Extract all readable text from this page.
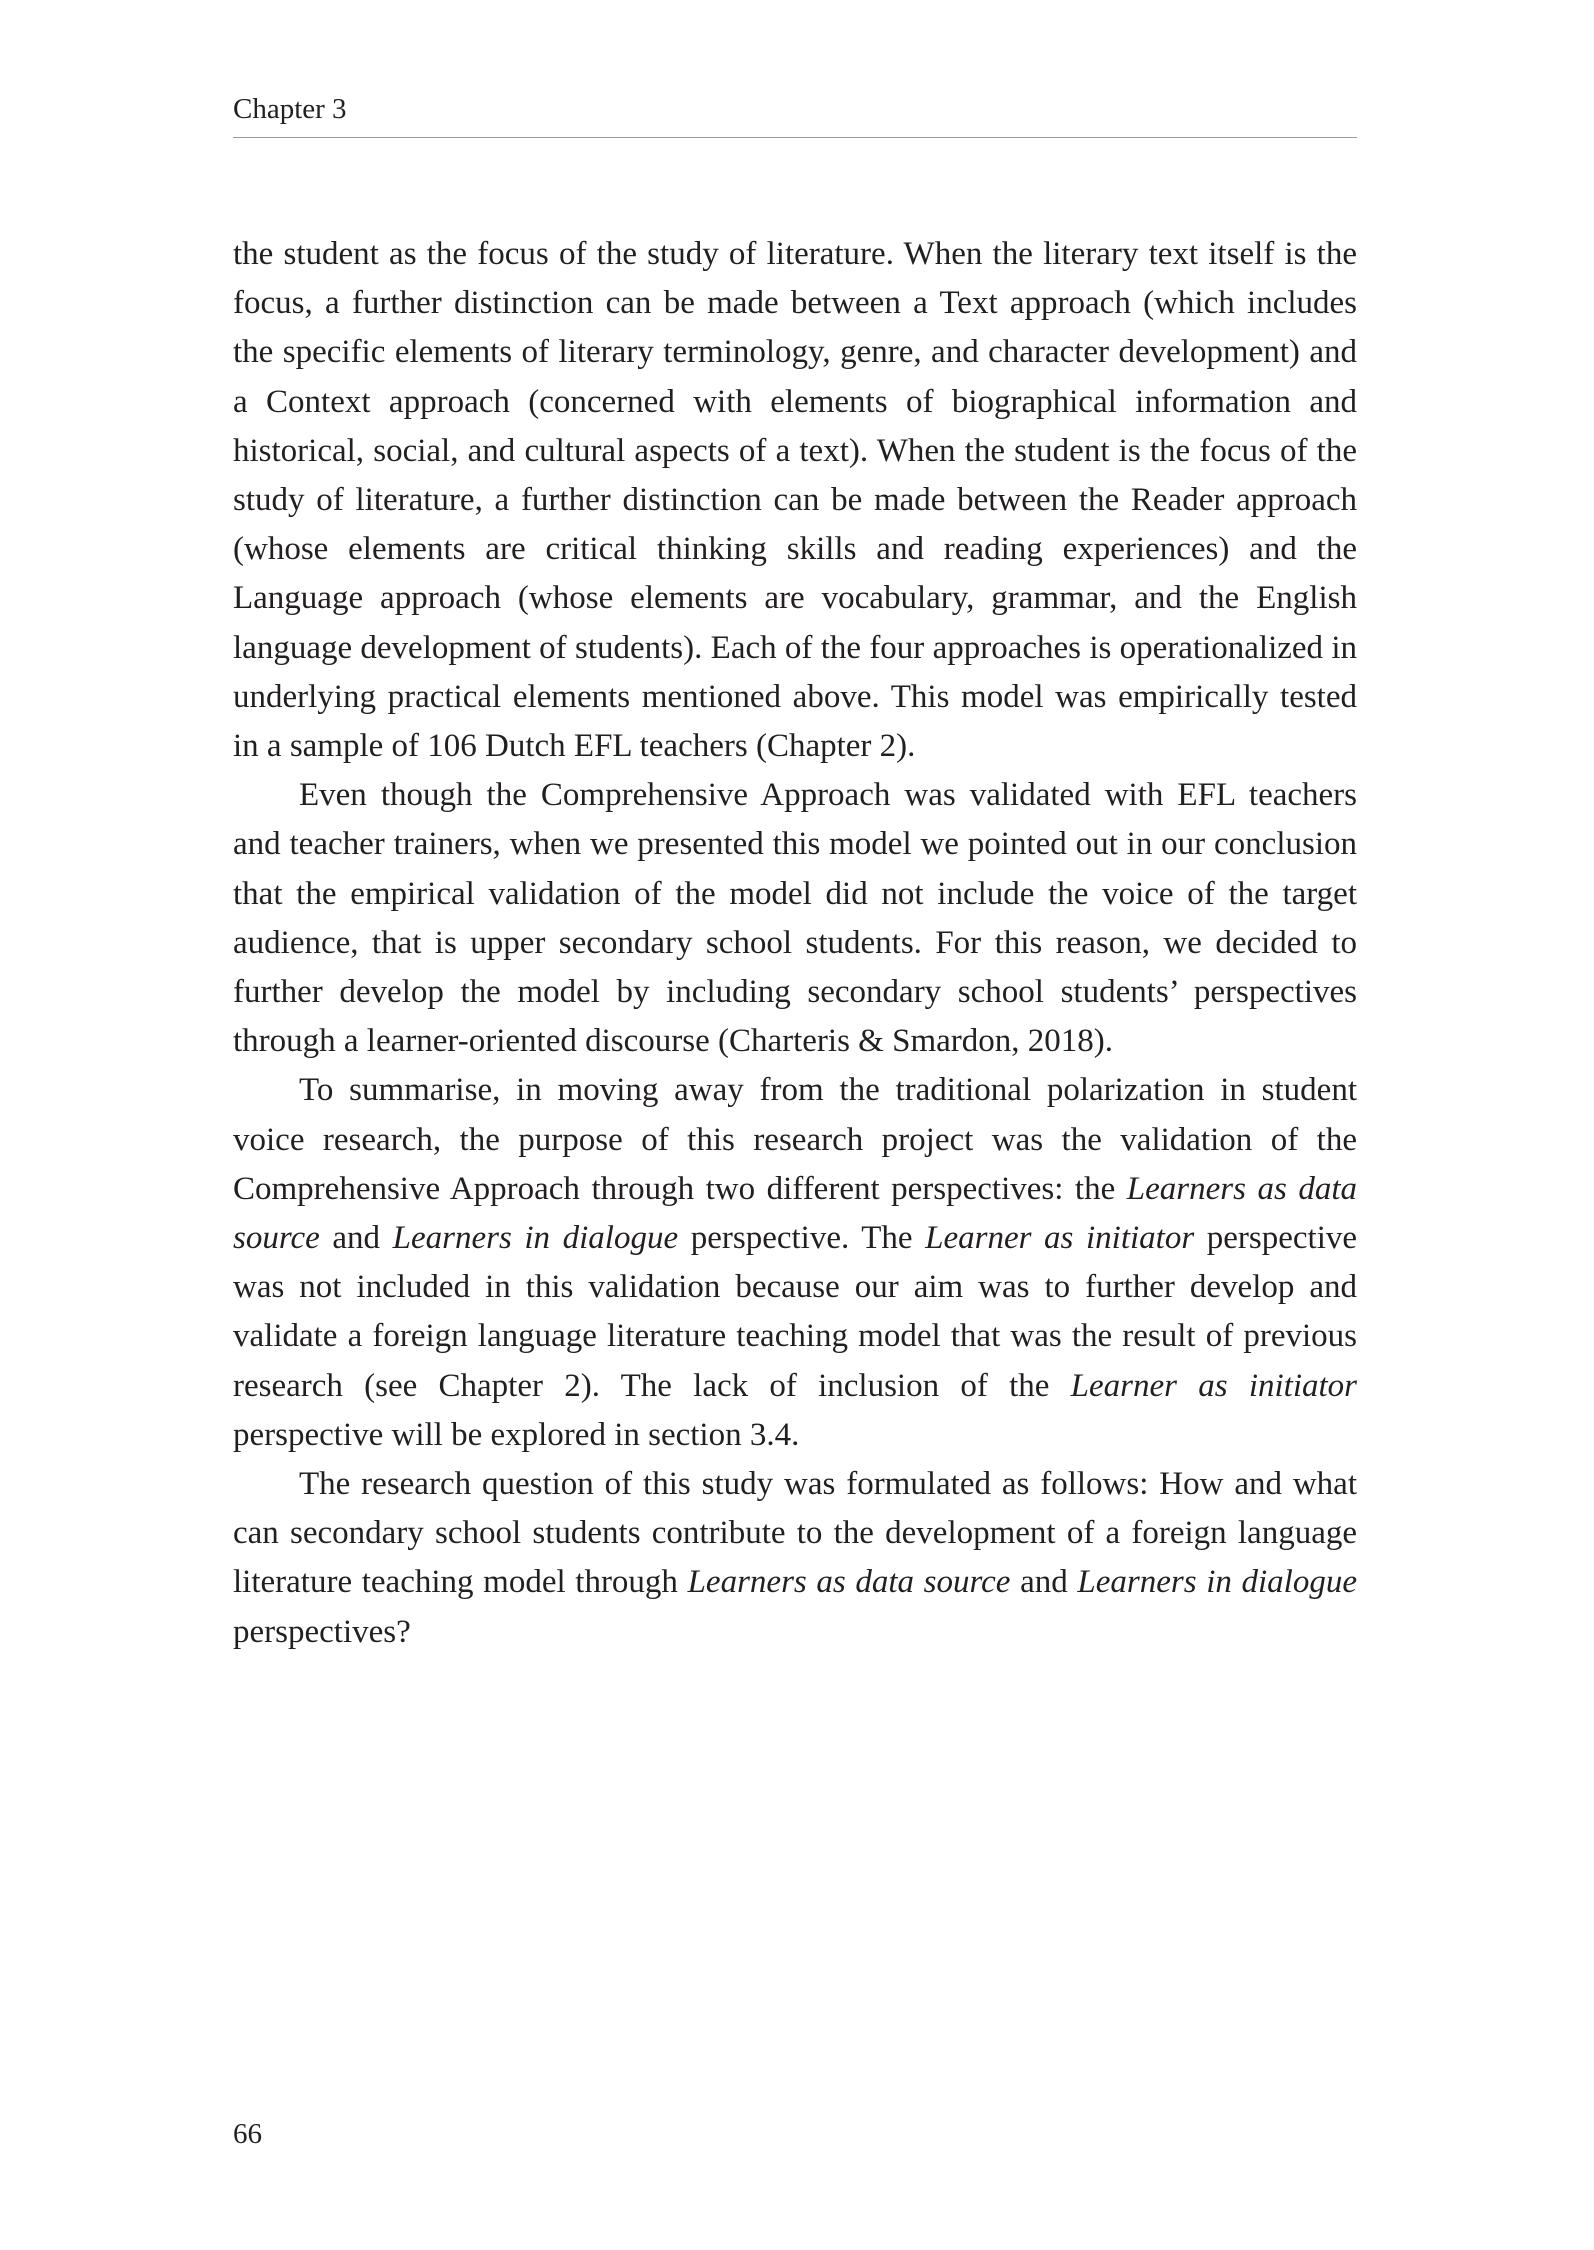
Chapter 3

the student as the focus of the study of literature. When the literary text itself is the focus, a further distinction can be made between a Text approach (which includes the specific elements of literary terminology, genre, and character development) and a Context approach (concerned with elements of biographical information and historical, social, and cultural aspects of a text). When the student is the focus of the study of literature, a further distinction can be made between the Reader approach (whose elements are critical thinking skills and reading experiences) and the Language approach (whose elements are vocabulary, grammar, and the English language development of students). Each of the four approaches is operationalized in underlying practical elements mentioned above. This model was empirically tested in a sample of 106 Dutch EFL teachers (Chapter 2).

Even though the Comprehensive Approach was validated with EFL teachers and teacher trainers, when we presented this model we pointed out in our conclusion that the empirical validation of the model did not include the voice of the target audience, that is upper secondary school students. For this reason, we decided to further develop the model by including secondary school students’ perspectives through a learner-oriented discourse (Charteris & Smardon, 2018).

To summarise, in moving away from the traditional polarization in student voice research, the purpose of this research project was the validation of the Comprehensive Approach through two different perspectives: the Learners as data source and Learners in dialogue perspective. The Learner as initiator perspective was not included in this validation because our aim was to further develop and validate a foreign language literature teaching model that was the result of previous research (see Chapter 2). The lack of inclusion of the Learner as initiator perspective will be explored in section 3.4.

The research question of this study was formulated as follows: How and what can secondary school students contribute to the development of a foreign language literature teaching model through Learners as data source and Learners in dialogue perspectives?

66
